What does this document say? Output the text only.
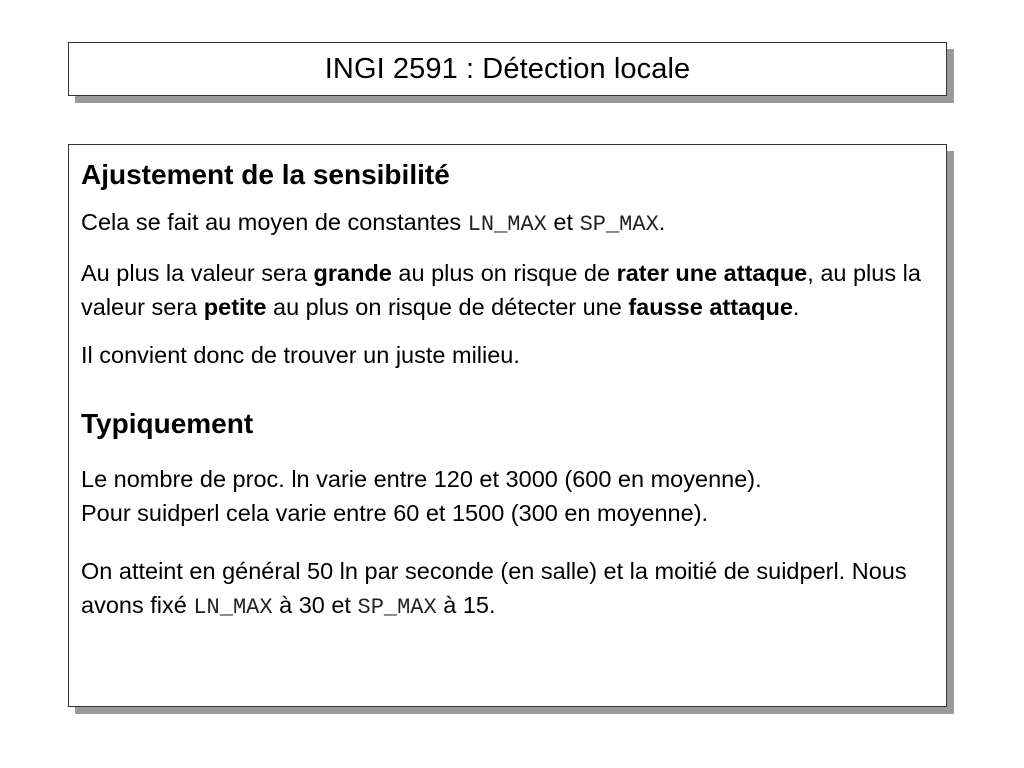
INGI 2591 : Détection locale
Ajustement de la sensibilité

Cela se fait au moyen de constantes LN_MAX et SP_MAX.

Au plus la valeur sera grande au plus on risque de rater une attaque, au plus la valeur sera petite au plus on risque de détecter une fausse attaque.

Il convient donc de trouver un juste milieu.

Typiquement

Le nombre de proc. ln varie entre 120 et 3000 (600 en moyenne).

Pour suidperl cela varie entre 60 et 1500 (300 en moyenne).

On atteint en général 50 ln par seconde (en salle) et la moitié de suidperl. Nous avons fixé LN_MAX à 30 et SP_MAX à 15.
